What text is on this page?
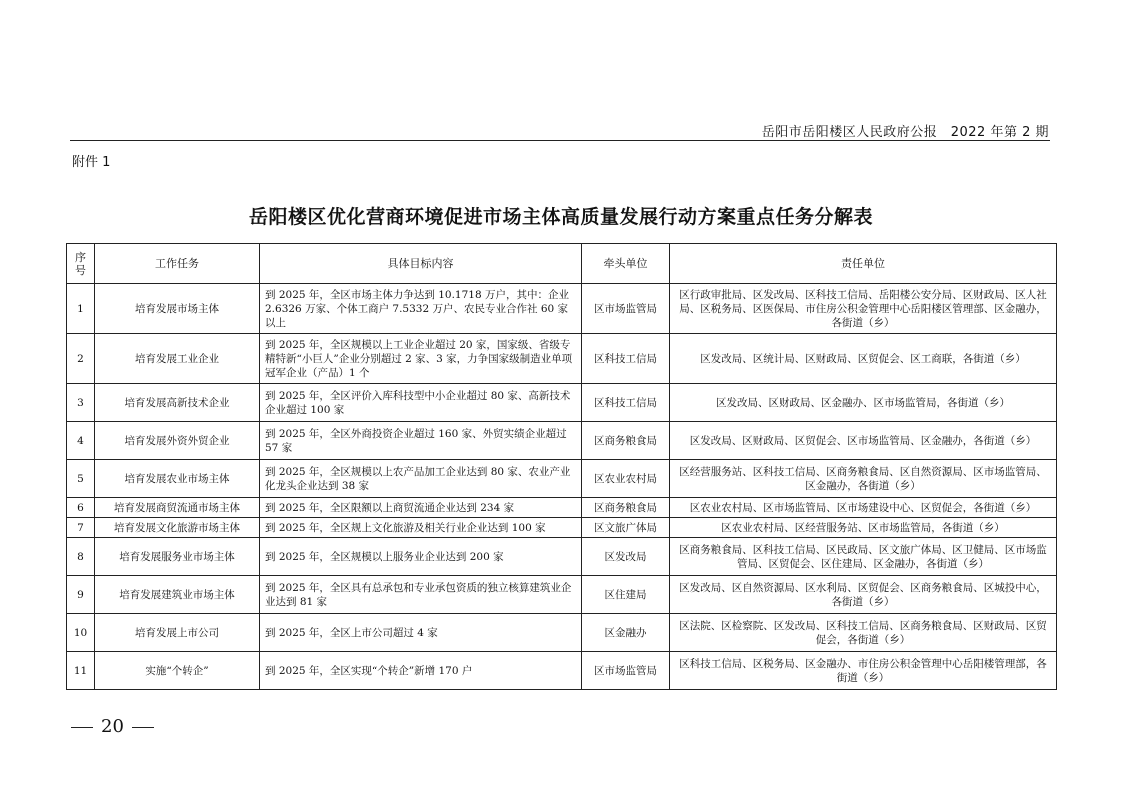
岳阳市岳阳楼区人民政府公报　2022 年第 2 期
附件 1
岳阳楼区优化营商环境促进市场主体高质量发展行动方案重点任务分解表
序号	工作任务	具体目标内容	牵头单位	责任单位
1	培育发展市场主体	到 2025 年，全区市场主体力争达到 10.1718 万户，其中：企业 2.6326 万家、个体工商户 7.5332 万户、农民专业合作社 60 家以上	区市场监管局	区行政审批局、区发改局、区科技工信局、岳阳楼公安分局、区财政局、区人社局、区税务局、区医保局、市住房公积金管理中心岳阳楼区管理部、区金融办，各街道（乡）
2	培育发展工业企业	到 2025 年，全区规模以上工业企业超过 20 家，国家级、省级专精特新“小巨人”企业分别超过 2 家、3 家，力争国家级制造业单项冠军企业（产品）1 个	区科技工信局	区发改局、区统计局、区财政局、区贸促会、区工商联，各街道（乡）
3	培育发展高新技术企业	到 2025 年，全区评价入库科技型中小企业超过 80 家、高新技术企业超过 100 家	区科技工信局	区发改局、区财政局、区金融办、区市场监管局，各街道（乡）
4	培育发展外资外贸企业	到 2025 年，全区外商投资企业超过 160 家、外贸实绩企业超过 57 家	区商务粮食局	区发改局、区财政局、区贸促会、区市场监管局、区金融办，各街道（乡）
5	培育发展农业市场主体	到 2025 年，全区规模以上农产品加工企业达到 80 家、农业产业化龙头企业达到 38 家	区农业农村局	区经营服务站、区科技工信局、区商务粮食局、区自然资源局、区市场监管局、区金融办，各街道（乡）
6	培育发展商贸流通市场主体	到 2025 年，全区限额以上商贸流通企业达到 234 家	区商务粮食局	区农业农村局、区市场监管局、区市场建设中心、区贸促会，各街道（乡）
7	培育发展文化旅游市场主体	到 2025 年，全区规上文化旅游及相关行业企业达到 100 家	区文旅广体局	区农业农村局、区经营服务站、区市场监管局，各街道（乡）
8	培育发展服务业市场主体	到 2025 年，全区规模以上服务业企业达到 200 家	区发改局	区商务粮食局、区科技工信局、区民政局、区文旅广体局、区卫健局、区市场监管局、区贸促会、区住建局、区金融办，各街道（乡）
9	培育发展建筑业市场主体	到 2025 年，全区具有总承包和专业承包资质的独立核算建筑业企业达到 81 家	区住建局	区发改局、区自然资源局、区水利局、区贸促会、区商务粮食局、区城投中心，各街道（乡）
10	培育发展上市公司	到 2025 年，全区上市公司超过 4 家	区金融办	区法院、区检察院、区发改局、区科技工信局、区商务粮食局、区财政局、区贸促会，各街道（乡）
11	实施“个转企”	到 2025 年，全区实现“个转企”新增 170 户	区市场监管局	区科技工信局、区税务局、区金融办、市住房公积金管理中心岳阳楼管理部，各街道（乡）
20
